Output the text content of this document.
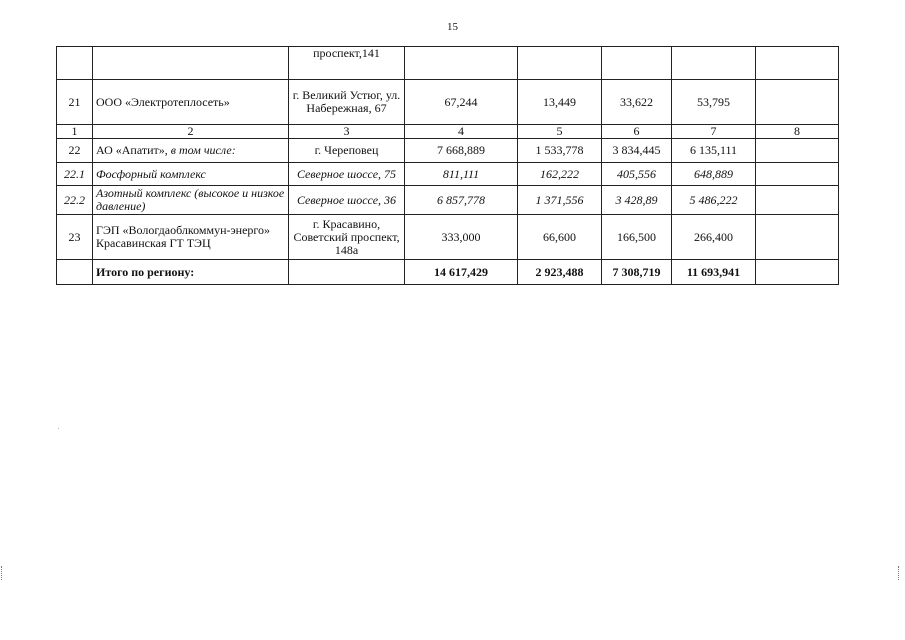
15
		проспект,141					
21	ООО «Электротеплосеть»	г. Великий Устюг, ул. Набережная, 67	67,244	13,449	33,622	53,795	
1	2	3	4	5	6	7	8
22	АО «Апатит», в том числе:	г. Череповец	7 668,889	1 533,778	3 834,445	6 135,111	
22.1	Фосфорный комплекс	Северное шоссе, 75	811,111	162,222	405,556	648,889	
22.2	Азотный комплекс (высокое и низкое давление)	Северное шоссе, 36	6 857,778	1 371,556	3 428,89	5 486,222	
23	ГЭП «Вологдаоблкоммун-энерго» Красавинская ГТ ТЭЦ	г. Красавино, Советский проспект, 148а	333,000	66,600	166,500	266,400	
	Итого по региону:		14 617,429	2 923,488	7 308,719	11 693,941	
